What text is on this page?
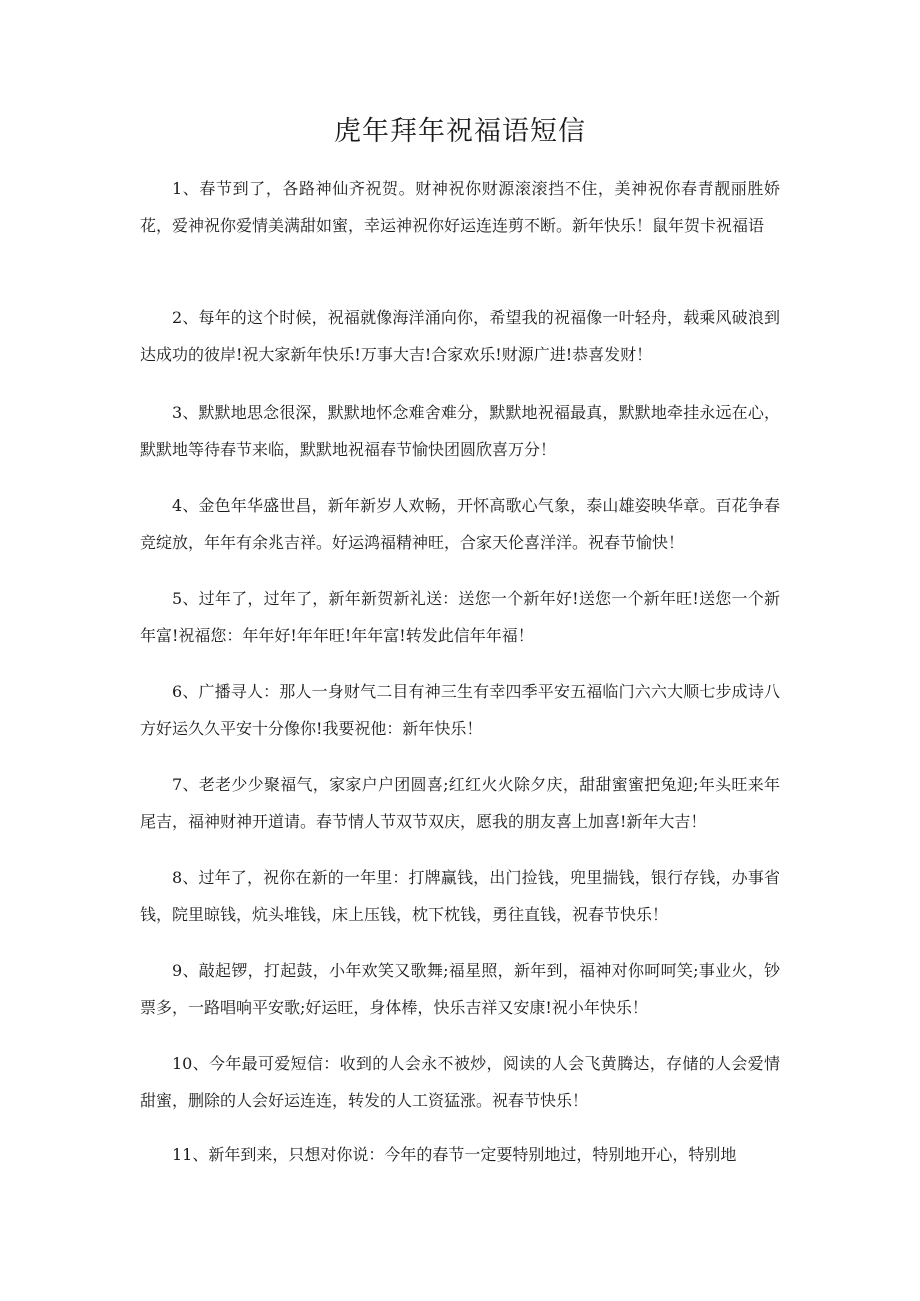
虎年拜年祝福语短信

1、春节到了，各路神仙齐祝贺。财神祝你财源滚滚挡不住，美神祝你春青靓丽胜娇花，爱神祝你爱情美满甜如蜜，幸运神祝你好运连连剪不断。新年快乐！鼠年贺卡祝福语

2、每年的这个时候，祝福就像海洋涌向你，希望我的祝福像一叶轻舟，载乘风破浪到达成功的彼岸!祝大家新年快乐!万事大吉!合家欢乐!财源广进!恭喜发财！

3、默默地思念很深，默默地怀念难舍难分，默默地祝福最真，默默地牵挂永远在心，默默地等待春节来临，默默地祝福春节愉快团圆欣喜万分！

4、金色年华盛世昌，新年新岁人欢畅，开怀高歌心气象，泰山雄姿映华章。百花争春竞绽放，年年有余兆吉祥。好运鸿福精神旺，合家天伦喜洋洋。祝春节愉快！

5、过年了，过年了，新年新贺新礼送：送您一个新年好!送您一个新年旺!送您一个新年富!祝福您：年年好!年年旺!年年富!转发此信年年福！

6、广播寻人：那人一身财气二目有神三生有幸四季平安五福临门六六大顺七步成诗八方好运久久平安十分像你!我要祝他：新年快乐！

7、老老少少聚福气，家家户户团圆喜;红红火火除夕庆，甜甜蜜蜜把兔迎;年头旺来年尾吉，福神财神开道请。春节情人节双节双庆，愿我的朋友喜上加喜!新年大吉！

8、过年了，祝你在新的一年里：打牌赢钱，出门捡钱，兜里揣钱，银行存钱，办事省钱，院里晾钱，炕头堆钱，床上压钱，枕下枕钱，勇往直钱，祝春节快乐！

9、敲起锣，打起鼓，小年欢笑又歌舞;福星照，新年到，福神对你呵呵笑;事业火，钞票多，一路唱响平安歌;好运旺，身体棒，快乐吉祥又安康!祝小年快乐！

10、今年最可爱短信：收到的人会永不被炒，阅读的人会飞黄腾达，存储的人会爱情甜蜜，删除的人会好运连连，转发的人工资猛涨。祝春节快乐！

11、新年到来，只想对你说：今年的春节一定要特别地过，特别地开心，特别地
